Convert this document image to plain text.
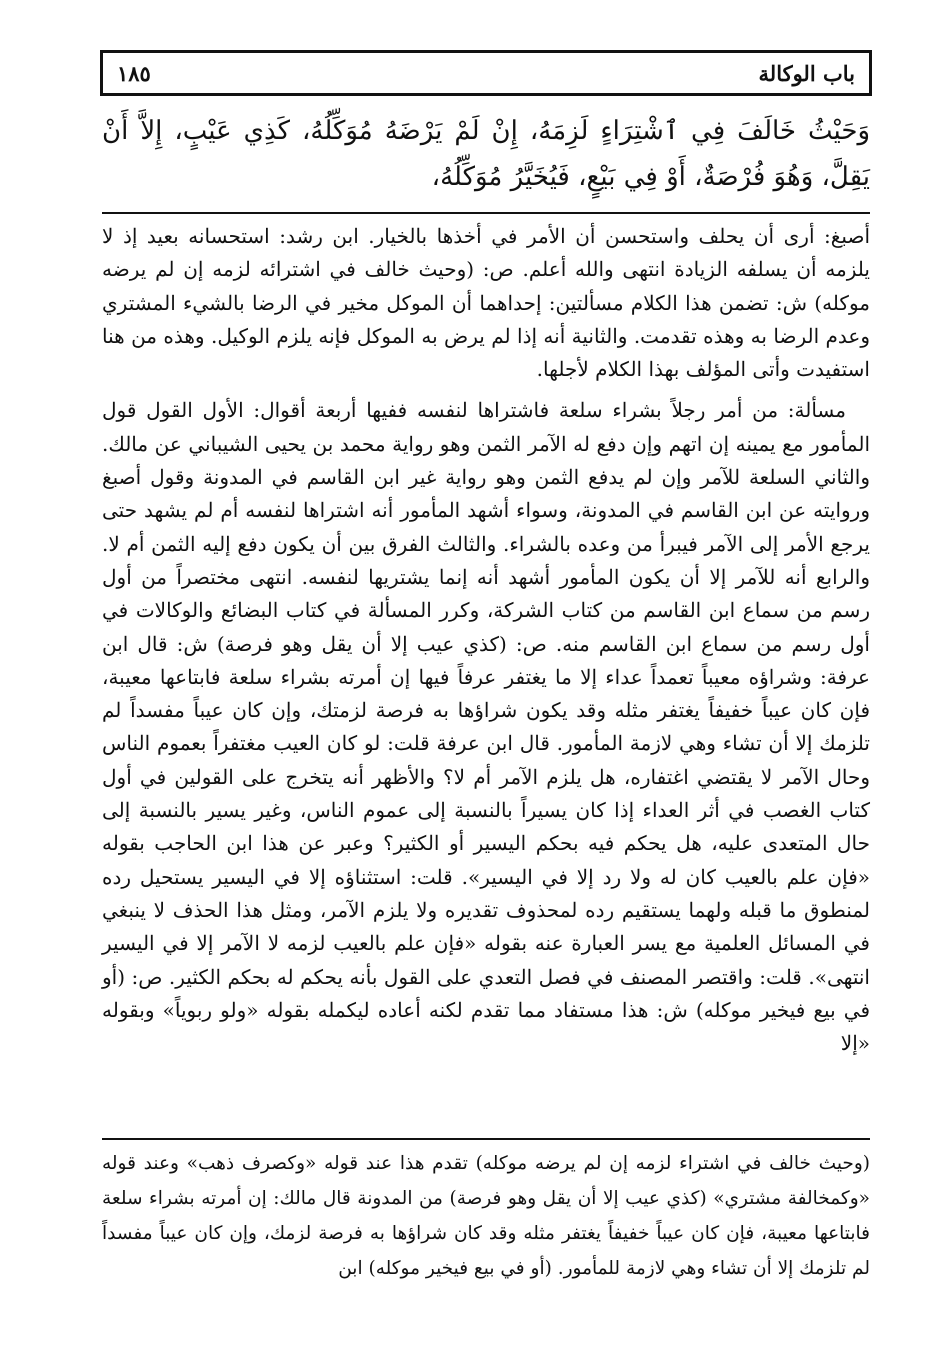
باب الوكالة
١٨٥
وَحَيْثُ خَالَفَ فِي ٱشْتِرَاءٍ لَزِمَهُ، إِنْ لَمْ يَرْضَهُ مُوَكِّلُهُ، كَذِي عَيْبٍ، إِلاَّ أَنْ يَقِلَّ، وَهُوَ فُرْصَةٌ، أَوْ فِي بَيْعٍ، فَيُخَيَّرُ مُوَكِّلُهُ،

أصبغ: أرى أن يحلف واستحسن أن الأمر في أخذها بالخيار. ابن رشد: استحسانه بعيد إذ لا يلزمه أن يسلفه الزيادة انتهى والله أعلم. ص: (وحيث خالف في اشترائه لزمه إن لم يرضه موكله) ش: تضمن هذا الكلام مسألتين: إحداهما أن الموكل مخير في الرضا بالشيء المشتري وعدم الرضا به وهذه تقدمت. والثانية أنه إذا لم يرض به الموكل فإنه يلزم الوكيل. وهذه من هنا استفيدت وأتى المؤلف بهذا الكلام لأجلها.

مسألة: من أمر رجلاً بشراء سلعة فاشتراها لنفسه ففيها أربعة أقوال: الأول القول قول المأمور مع يمينه إن اتهم وإن دفع له الآمر الثمن وهو رواية محمد بن يحيى الشيباني عن مالك. والثاني السلعة للآمر وإن لم يدفع الثمن وهو رواية غير ابن القاسم في المدونة وقول أصبغ وروايته عن ابن القاسم في المدونة، وسواء أشهد المأمور أنه اشتراها لنفسه أم لم يشهد حتى يرجع الأمر إلى الآمر فيبرأ من وعده بالشراء. والثالث الفرق بين أن يكون دفع إليه الثمن أم لا. والرابع أنه للآمر إلا أن يكون المأمور أشهد أنه إنما يشتريها لنفسه. انتهى مختصراً من أول رسم من سماع ابن القاسم من كتاب الشركة، وكرر المسألة في كتاب البضائع والوكالات في أول رسم من سماع ابن القاسم منه. ص: (كذي عيب إلا أن يقل وهو فرصة) ش: قال ابن عرفة: وشراؤه معيباً تعمداً عداء إلا ما يغتفر عرفاً فيها إن أمرته بشراء سلعة فابتاعها معيبة، فإن كان عيباً خفيفاً يغتفر مثله وقد يكون شراؤها به فرصة لزمتك، وإن كان عيباً مفسداً لم تلزمك إلا أن تشاء وهي لازمة المأمور. قال ابن عرفة قلت: لو كان العيب مغتفراً بعموم الناس وحال الآمر لا يقتضي اغتفاره، هل يلزم الآمر أم لا؟ والأظهر أنه يتخرج على القولين في أول كتاب الغصب في أثر العداء إذا كان يسيراً بالنسبة إلى عموم الناس، وغير يسير بالنسبة إلى حال المتعدى عليه، هل يحكم فيه بحكم اليسير أو الكثير؟ وعبر عن هذا ابن الحاجب بقوله «فإن علم بالعيب كان له ولا رد إلا في اليسير». قلت: استثناؤه إلا في اليسير يستحيل رده لمنطوق ما قبله ولهما يستقيم رده لمحذوف تقديره ولا يلزم الآمر، ومثل هذا الحذف لا ينبغي في المسائل العلمية مع يسر العبارة عنه بقوله «فإن علم بالعيب لزمه لا الآمر إلا في اليسير انتهى». قلت: واقتصر المصنف في فصل التعدي على القول بأنه يحكم له بحكم الكثير. ص: (أو في بيع فيخير موكله) ش: هذا مستفاد مما تقدم لكنه أعاده ليكمله بقوله «ولو ربوياً» وبقوله «إلا

(وحيث خالف في اشتراء لزمه إن لم يرضه موكله) تقدم هذا عند قوله «وكصرف ذهب» وعند قوله «وكمخالفة مشتري» (كذي عيب إلا أن يقل وهو فرصة) من المدونة قال مالك: إن أمرته بشراء سلعة فابتاعها معيبة، فإن كان عيباً خفيفاً يغتفر مثله وقد كان شراؤها به فرصة لزمك، وإن كان عيباً مفسداً لم تلزمك إلا أن تشاء وهي لازمة للمأمور. (أو في بيع فيخير موكله) ابن
